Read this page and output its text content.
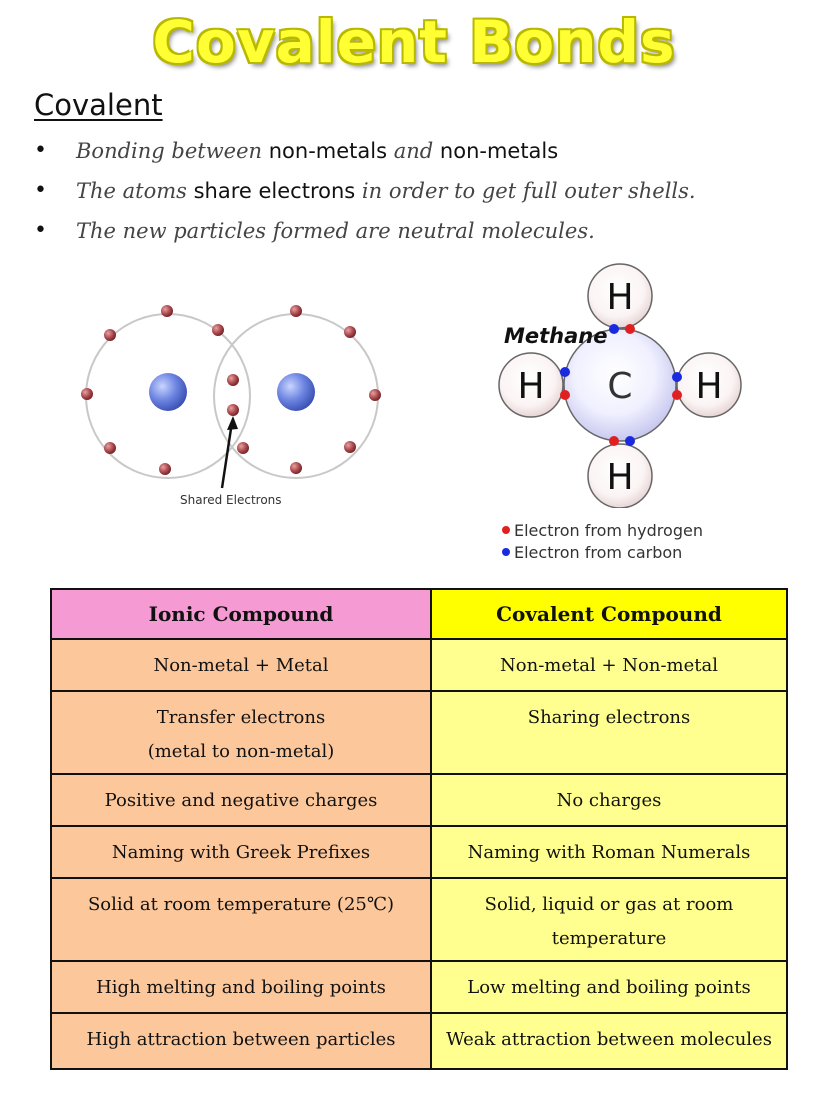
Covalent Bonds
Covalent
• Bonding between non-metals and non-metals
• The atoms share electrons in order to get full outer shells.
• The new particles formed are neutral molecules.
Shared Electrons
C
H
H
H	H
Methane
Electron from hydrogen
Electron from carbon
Ionic Compound	Covalent Compound
Non-metal + Metal	Non-metal + Non-metal

Transfer electrons

(metal to non-metal)	Sharing electrons
Positive and negative charges	No charges
Naming with Greek Prefixes	Naming with Roman Numerals
Solid at room temperature (25℃)	Solid, liquid or gas at room

temperature

High melting and boiling points	Low melting and boiling points
High attraction between particles	Weak attraction between molecules
